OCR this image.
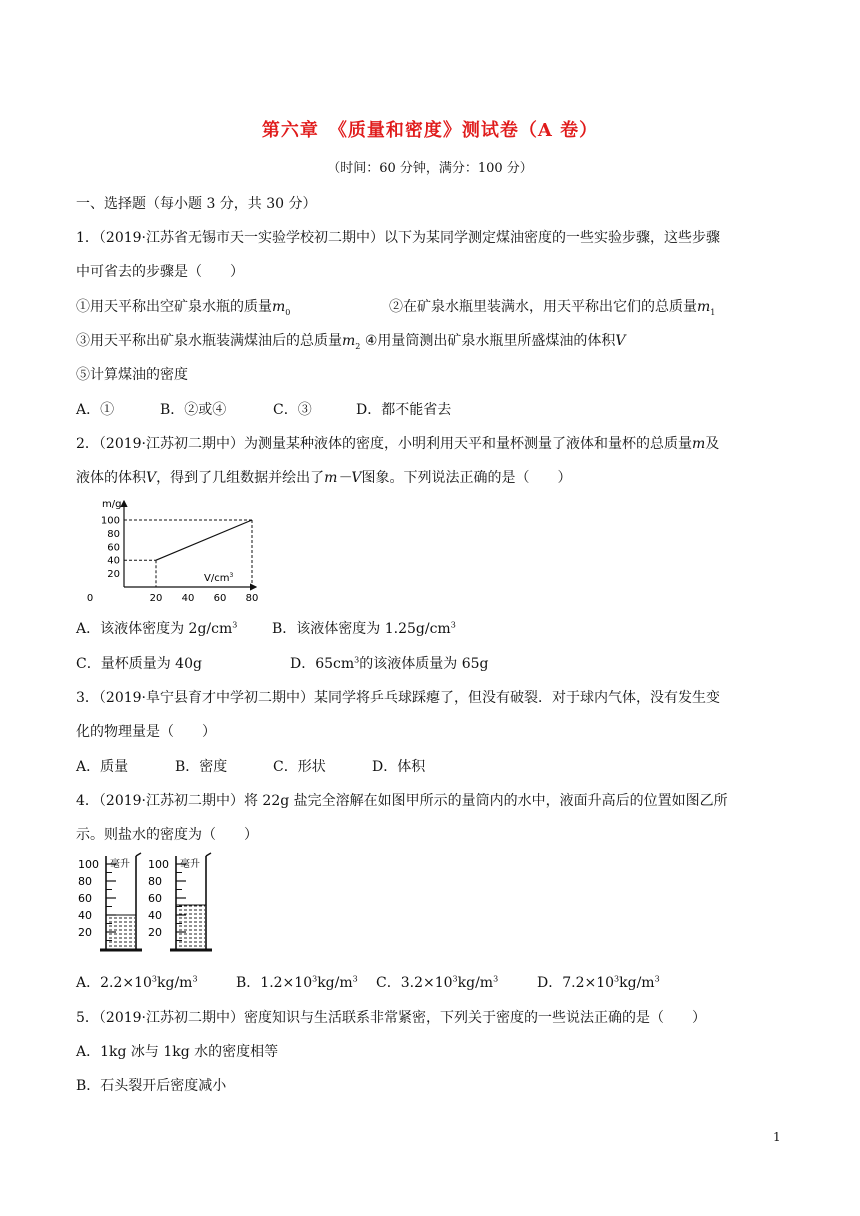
第六章　《质量和密度》测试卷（A 卷）
（时间：60 分钟，满分：100 分）
一、选择题（每小题 3 分，共 30 分）
1．（2019·江苏省无锡市天一实验学校初二期中）以下为某同学测定煤油密度的一些实验步骤，这些步骤
中可省去的步骤是（　　）
①用天平称出空矿泉水瓶的质量$m_0$	②在矿泉水瓶里装满水，用天平称出它们的总质量$m_1$
③用天平称出矿泉水瓶装满煤油后的总质量$m_2$ ④用量筒测出矿泉水瓶里所盛煤油的体积V
⑤计算煤油的密度
A．①	B．②或④	C．③	D．都不能省去
2．（2019·江苏初二期中）为测量某种液体的密度，小明利用天平和量杯测量了液体和量杯的总质量m及
液体的体积V，得到了几组数据并绘出了m－V图象。下列说法正确的是（　　）
m/g
$V/cm^3$
100
80
60
40
20
0	20 40 60 80
A．该液体密度为 $2g/cm^3$ B．该液体密度为 $1.25g/cm^3$
C．量杯质量为 40g	D．$65cm^3$的该液体质量为 65g
3．（2019·阜宁县育才中学初二期中）某同学将乒乓球踩瘪了，但没有破裂．对于球内气体，没有发生变
化的物理量是（　　）
A．质量	B．密度	C．形状	D．体积
4．（2019·江苏初二期中）将 22g 盐完全溶解在如图甲所示的量筒内的水中，液面升高后的位置如图乙所
示。则盐水的密度为（　　）
毫升
100
80
60
40
20
毫升
100
80
60
40
20
A．$2.2\times 10^3kg/m^3$	B．$1.2\times 10^3kg/m^3$ C．$3.2\times 10^3kg/m^3$	D．$7.2\times 10^3kg/m^3$
5．（2019·江苏初二期中）密度知识与生活联系非常紧密，下列关于密度的一些说法正确的是（　　）
A．1kg 冰与 1kg 水的密度相等
B．石头裂开后密度减小
1
